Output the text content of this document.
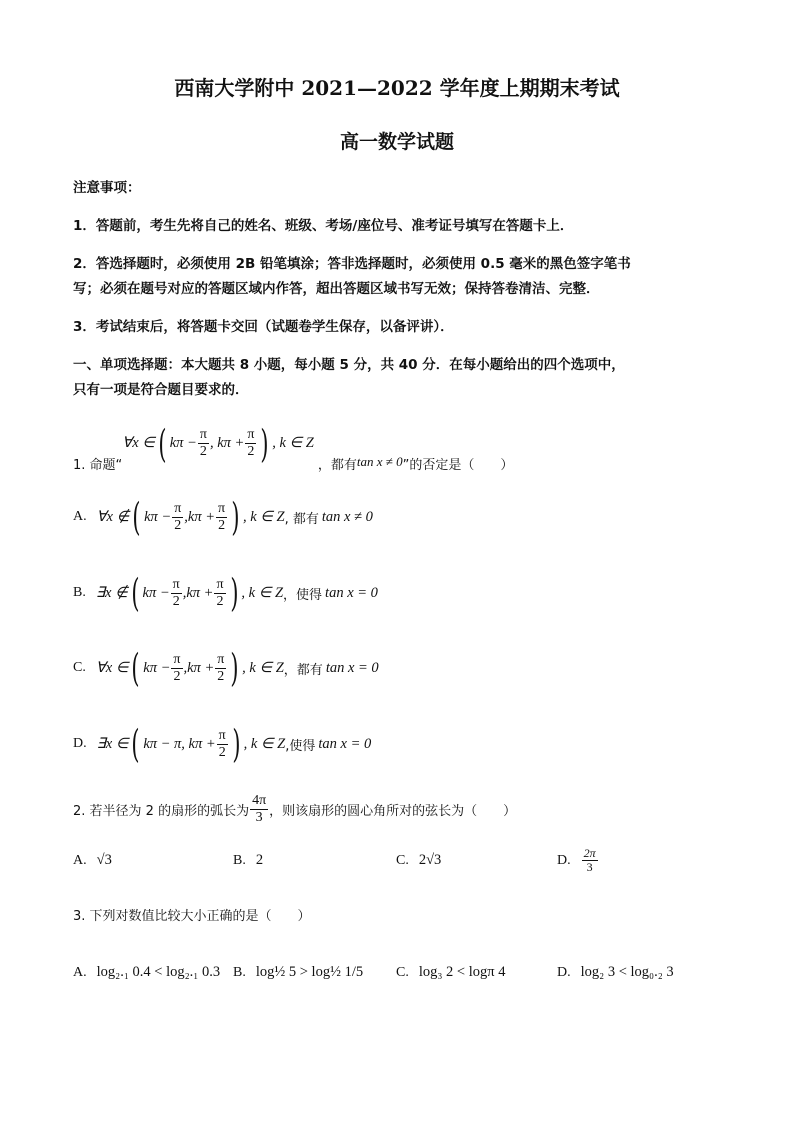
西南大学附中 2021—2022 学年度上期期末考试
高一数学试题
注意事项：
1．答题前，考生先将自己的姓名、班级、考场/座位号、准考证号填写在答题卡上．
2．答选择题时，必须使用 2B 铅笔填涂；答非选择题时，必须使用 0.5 毫米的黑色签字笔书
写；必须在题号对应的答题区域内作答，超出答题区域书写无效；保持答卷清洁、完整．
3．考试结束后，将答题卡交回（试题卷学生保存，以备评讲）．
一、单项选择题：本大题共 8 小题，每小题 5 分，共 40 分．在每小题给出的四个选项中，
只有一项是符合题目要求的．
1. 命题“
∀x ∈ ( $k\pi - \frac{\pi}{2}$ , $k\pi + \frac{\pi}{2}$ ) , k ∈ Z
，都有 tan x ≠ 0 ”的否定是（　　）
A. ∀x ∉ ( $k\pi - \frac{\pi}{2}$ , $k\pi + \frac{\pi}{2}$ ) , k ∈ Z , 都有 tan x ≠ 0
B. ∃x ∉ ( $k\pi - \frac{\pi}{2}$ , $k\pi + \frac{\pi}{2}$ ) , k ∈ Z ，使得 tan x = 0
C. ∀x ∈ ( $k\pi - \frac{\pi}{2}$ , $k\pi + \frac{\pi}{2}$ ) , k ∈ Z ，都有 tan x = 0
D. ∃x ∈ ( kπ − π, $k\pi + \frac{\pi}{2}$ ) , k ∈ Z ,使得 tan x = 0
2. 若半径为 2 的扇形的弧长为 $\frac{4\pi}{3}$ ，则该扇形的圆心角所对的弦长为（　　）
A. √3	B. 2	C. 2√3	D. $\frac{2\pi}{3}$
3. 下列对数值比较大小正确的是（　　）
A. log₂.₁ 0.4 < log₂.₁ 0.3 B. log½ 5 > log½ 1/5 C. log₃ 2 < logπ 4	D. log₂ 3 < log₀.₂ 3
